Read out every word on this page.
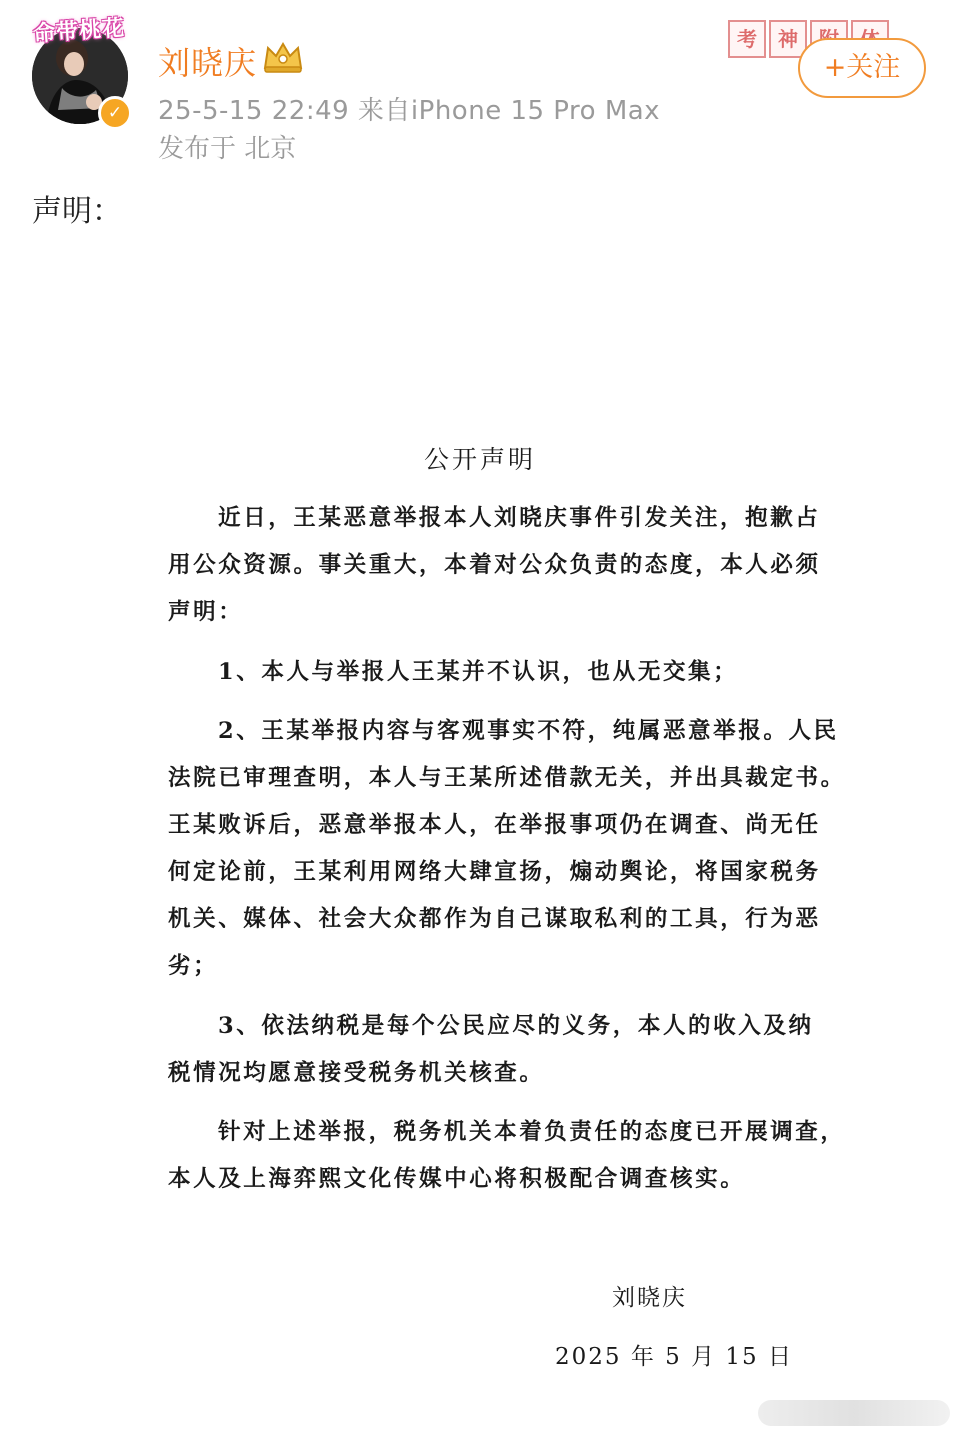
命带桃花
✓
刘晓庆
25-5-15 22:49 来自iPhone 15 Pro Max
发布于 北京
考	神
+关注
声明：
公开声明
近日，王某恶意举报本人刘晓庆事件引发关注，抱歉占
用公众资源。事关重大，本着对公众负责的态度，本人必须
声明：
1、本人与举报人王某并不认识，也从无交集；
2、王某举报内容与客观事实不符，纯属恶意举报。人民
法院已审理查明，本人与王某所述借款无关，并出具裁定书。
王某败诉后，恶意举报本人，在举报事项仍在调查、尚无任
何定论前，王某利用网络大肆宣扬，煽动舆论，将国家税务
机关、媒体、社会大众都作为自己谋取私利的工具，行为恶
劣；
3、依法纳税是每个公民应尽的义务，本人的收入及纳
税情况均愿意接受税务机关核查。
针对上述举报，税务机关本着负责任的态度已开展调查，
本人及上海弈熙文化传媒中心将积极配合调查核实。
刘晓庆
2025 年 5 月 15 日
